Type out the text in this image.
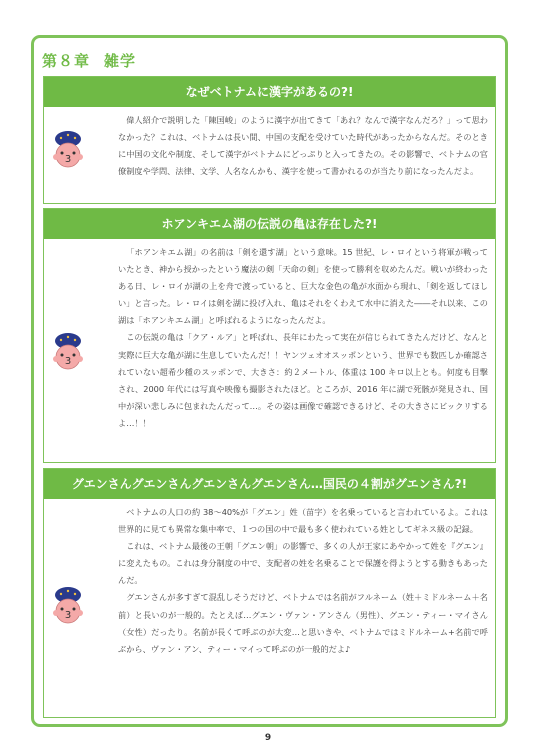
第８章 雑学
なぜベトナムに漢字があるの?!
3

偉人紹介で説明した「陳国峻」のように漢字が出てきて「あれ？なんで漢字なんだろ？」って思わなかった？これは、ベトナムは長い間、中国の支配を受けていた時代があったからなんだ。そのときに中国の文化や制度、そして漢字がベトナムにどっぷりと入ってきたの。その影響で、ベトナムの官僚制度や学問、法律、文学、人名なんかも、漢字を使って書かれるのが当たり前になったんだよ。

ホアンキエム湖の伝説の亀は存在した?!
3

「ホアンキエム湖」の名前は「剣を還す湖」という意味。15 世紀、レ・ロイという将軍が戦っていたとき、神から授かったという魔法の剣「天命の剣」を使って勝利を収めたんだ。戦いが終わったある日、レ・ロイが湖の上を舟で渡っていると、巨大な金色の亀が水面から現れ、「剣を返してほしい」と言った。レ・ロイは剣を湖に投げ入れ、亀はそれをくわえて水中に消えた――それ以来、この湖は「ホアンキエム湖」と呼ばれるようになったんだよ。

この伝説の亀は「クア・ルア」と呼ばれ、長年にわたって実在が信じられてきたんだけど、なんと実際に巨大な亀が湖に生息していたんだ！！ヤンツェオオスッポンという、世界でも数匹しか確認されていない超希少種のスッポンで、大きさ：約２メートル、体重は 100 キロ以上とも。何度も目撃され、2000 年代には写真や映像も撮影されたほど。ところが、2016 年に湖で死骸が発見され、国中が深い悲しみに包まれたんだって…。その姿は画像で確認できるけど、その大きさにビックリするよ…！！

グエンさんグエンさんグエンさんグエンさん…国民の４割がグエンさん?!
3

ベトナムの人口の約 38〜40%が「グエン」姓（苗字）を名乗っていると言われているよ。これは世界的に見ても異常な集中率で、１つの国の中で最も多く使われている姓としてギネス級の記録。

これは、ベトナム最後の王朝「グエン朝」の影響で、多くの人が王家にあやかって姓を『グエン』に変えたもの。これは身分制度の中で、支配者の姓を名乗ることで保護を得ようとする動きもあったんだ。

グエンさんが多すぎて混乱しそうだけど、ベトナムでは名前がフルネーム（姓＋ミドルネーム＋名前）と長いのが一般的。たとえば…グエン・ヴァン・アンさん（男性）、グエン・ティー・マイさん（女性）だったり。名前が長くて呼ぶのが大変…と思いきや、ベトナムではミドルネーム+名前で呼ぶから、ヴァン・アン、ティー・マイって呼ぶのが一般的だよ♪

9
